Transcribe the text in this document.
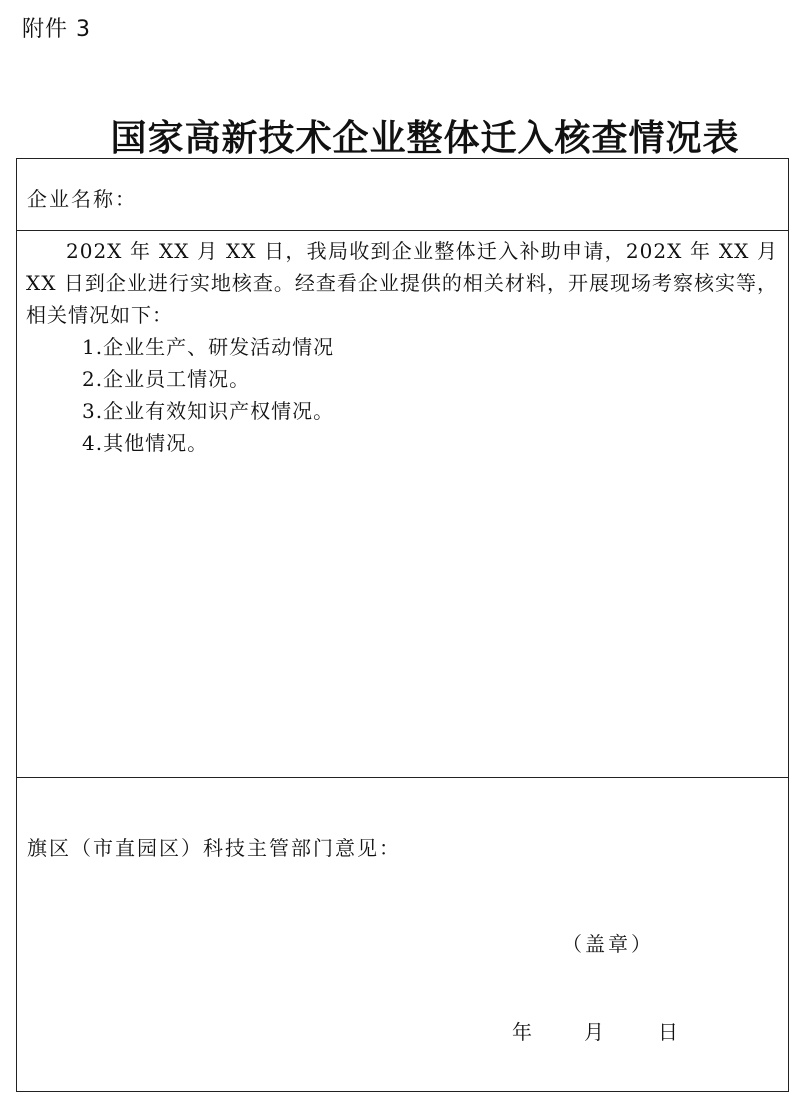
附件 3
国家高新技术企业整体迁入核查情况表
企业名称：

202X 年 XX 月 XX 日，我局收到企业整体迁入补助申请，202X 年 XX 月 XX 日到企业进行实地核查。经查看企业提供的相关材料，开展现场考察核实等，相关情况如下：

1.企业生产、研发活动情况
2.企业员工情况。
3.企业有效知识产权情况。
4.其他情况。
旗区（市直园区）科技主管部门意见：
（盖章）
年	月	日
